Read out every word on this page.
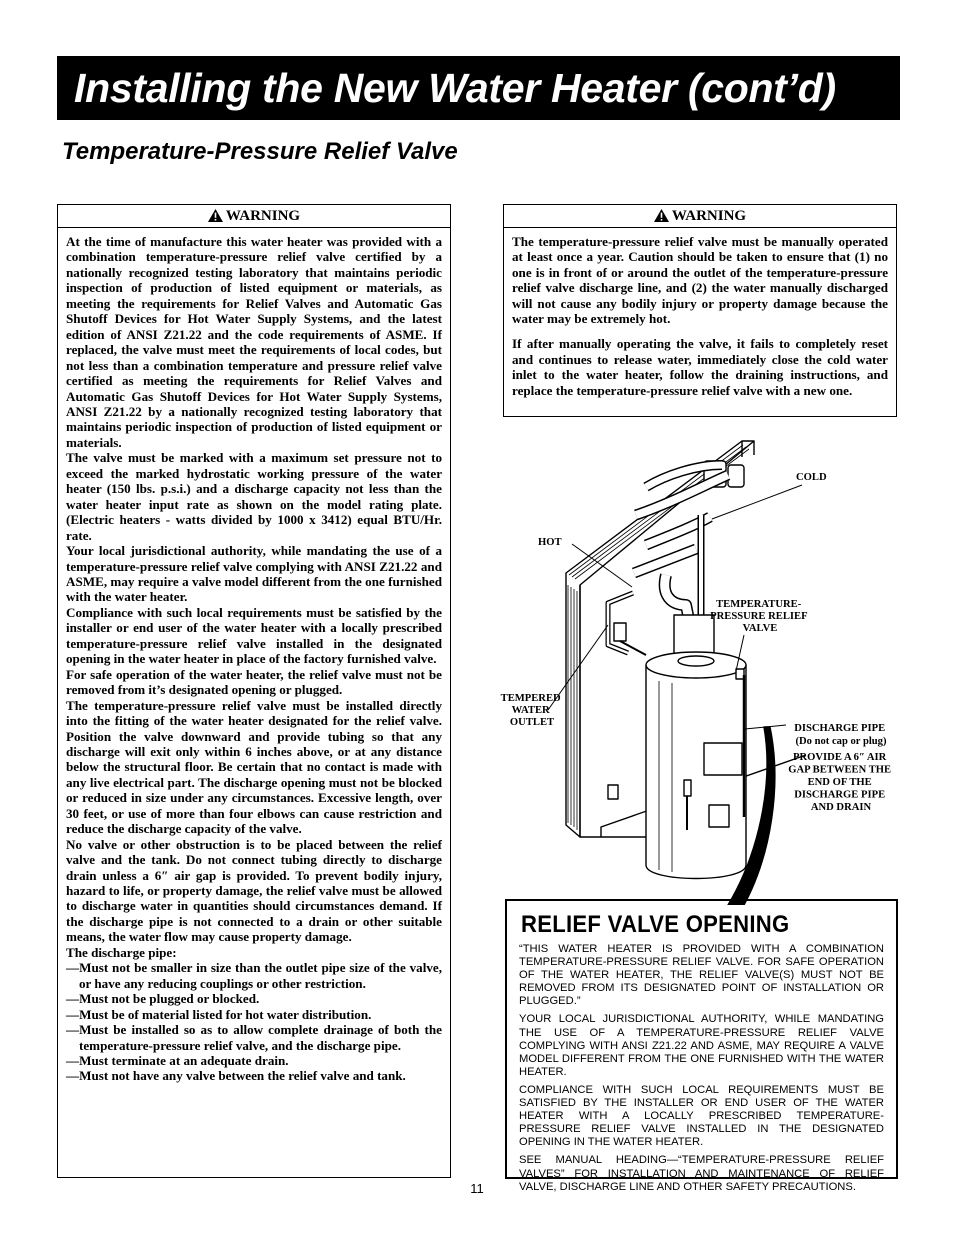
Installing the New Water Heater (cont’d)
Temperature-Pressure Relief Valve
WARNING

At the time of manufacture this water heater was provided with a combination temperature-pressure relief valve certified by a nationally recognized testing laboratory that maintains periodic inspection of production of listed equipment or materials, as meeting the requirements for Relief Valves and Automatic Gas Shutoff Devices for Hot Water Supply Systems, and the latest edition of ANSI Z21.22 and the code requirements of ASME. If replaced, the valve must meet the requirements of local codes, but not less than a combination temperature and pressure relief valve certified as meeting the requirements for Relief Valves and Automatic Gas Shutoff Devices for Hot Water Supply Systems, ANSI Z21.22 by a nationally recognized testing laboratory that maintains periodic inspection of production of listed equipment or materials.

The valve must be marked with a maximum set pressure not to exceed the marked hydrostatic working pressure of the water heater (150 lbs. p.s.i.) and a discharge capacity not less than the water heater input rate as shown on the model rating plate. (Electric heaters - watts divided by 1000 x 3412) equal BTU/Hr. rate.

Your local jurisdictional authority, while mandating the use of a temperature-pressure relief valve complying with ANSI Z21.22 and ASME, may require a valve model different from the one furnished with the water heater.

Compliance with such local requirements must be satisfied by the installer or end user of the water heater with a locally prescribed temperature-pressure relief valve installed in the designated opening in the water heater in place of the factory furnished valve.

For safe operation of the water heater, the relief valve must not be removed from it’s designated opening or plugged.

The temperature-pressure relief valve must be installed directly into the fitting of the water heater designated for the relief valve. Position the valve downward and provide tubing so that any discharge will exit only within 6 inches above, or at any distance below the structural floor. Be certain that no contact is made with any live electrical part. The discharge opening must not be blocked or reduced in size under any circumstances. Excessive length, over 30 feet, or use of more than four elbows can cause restriction and reduce the discharge capacity of the valve.

No valve or other obstruction is to be placed between the relief valve and the tank. Do not connect tubing directly to discharge drain unless a 6″ air gap is provided. To prevent bodily injury, hazard to life, or property damage, the relief valve must be allowed to discharge water in quantities should circumstances demand. If the discharge pipe is not connected to a drain or other suitable means, the water flow may cause property damage.

The discharge pipe:

—Must not be smaller in size than the outlet pipe size of the valve, or have any reducing couplings or other restriction.
—Must not be plugged or blocked.
—Must be of material listed for hot water distribution.
—Must be installed so as to allow complete drainage of both the temperature-pressure relief valve, and the discharge pipe.
—Must terminate at an adequate drain.
—Must not have any valve between the relief valve and tank.
WARNING

The temperature-pressure relief valve must be manually operated at least once a year. Caution should be taken to ensure that (1) no one is in front of or around the outlet of the temperature-pressure relief valve discharge line, and (2) the water manually discharged will not cause any bodily injury or property damage because the water may be extremely hot.

If after manually operating the valve, it fails to completely reset and continues to release water, immediately close the cold water inlet to the water heater, follow the draining instructions, and replace the temperature-pressure relief valve with a new one.

COLD
HOT
TEMPERATURE- PRESSURE RELIEF VALVE
TEMPERED WATER OUTLET
DISCHARGE PIPE (Do not cap or plug)
PROVIDE A 6″ AIR GAP BETWEEN THE END OF THE DISCHARGE PIPE AND DRAIN
RELIEF VALVE OPENING

“THIS WATER HEATER IS PROVIDED WITH A COMBINATION TEMPERATURE-PRESSURE RELIEF VALVE. FOR SAFE OPERATION OF THE WATER HEATER, THE RELIEF VALVE(S) MUST NOT BE REMOVED FROM ITS DESIGNATED POINT OF INSTALLATION OR PLUGGED.”

YOUR LOCAL JURISDICTIONAL AUTHORITY, WHILE MANDATING THE USE OF A TEMPERATURE-PRESSURE RELIEF VALVE COMPLYING WITH ANSI Z21.22 AND ASME, MAY REQUIRE A VALVE MODEL DIFFERENT FROM THE ONE FURNISHED WITH THE WATER HEATER.

COMPLIANCE WITH SUCH LOCAL REQUIREMENTS MUST BE SATISFIED BY THE INSTALLER OR END USER OF THE WATER HEATER WITH A LOCALLY PRESCRIBED TEMPERATURE-PRESSURE RELIEF VALVE INSTALLED IN THE DESIGNATED OPENING IN THE WATER HEATER.

SEE MANUAL HEADING—“TEMPERATURE-PRESSURE RELIEF VALVES” FOR INSTALLATION AND MAINTENANCE OF RELIEF VALVE, DISCHARGE LINE AND OTHER SAFETY PRECAUTIONS.

11
